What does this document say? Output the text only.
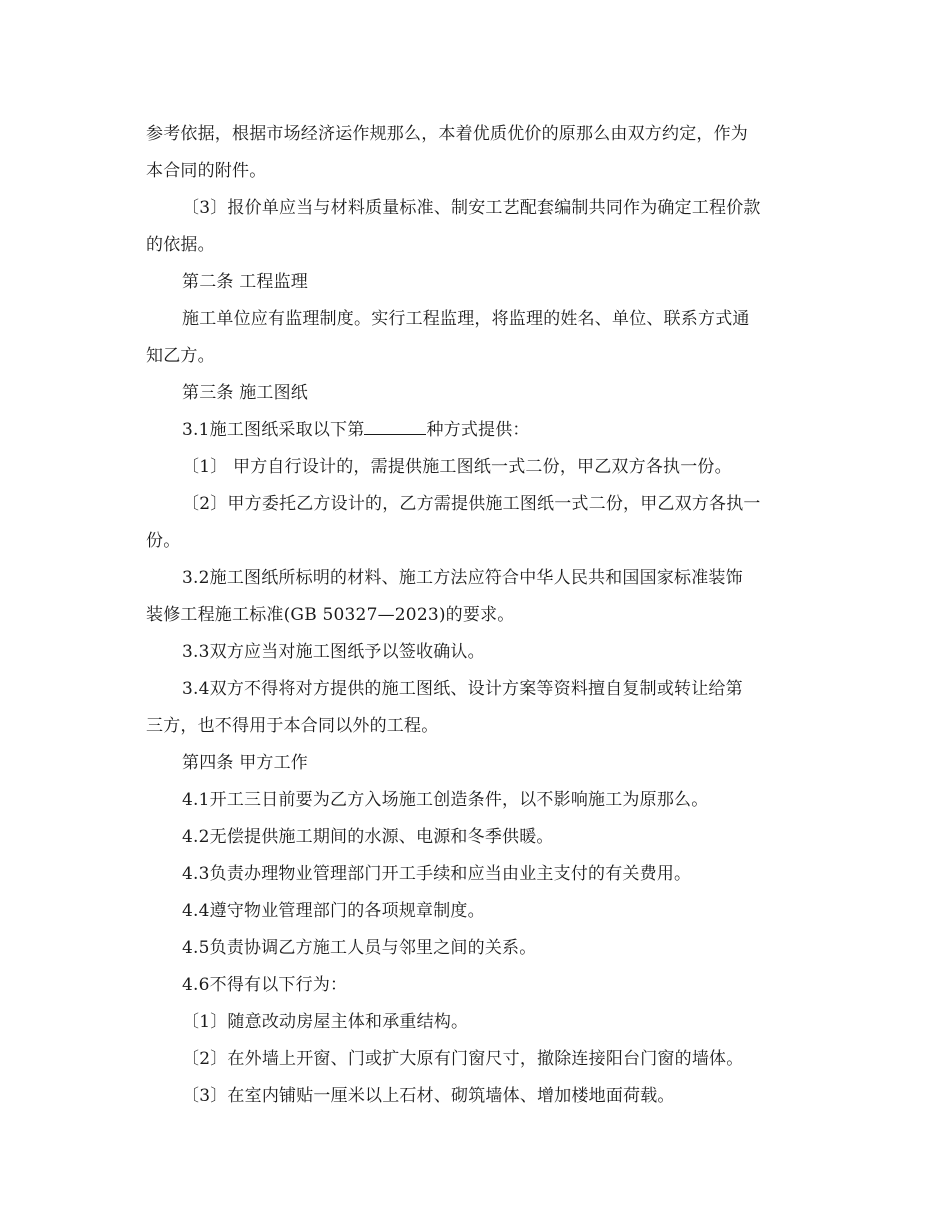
参考依据，根据市场经济运作规那么，本着优质优价的原那么由双方约定，作为
本合同的附件。
〔3〕报价单应当与材料质量标准、制安工艺配套编制共同作为确定工程价款
的依据。
第二条 工程监理
施工单位应有监理制度。实行工程监理，将监理的姓名、单位、联系方式通
知乙方。
第三条 施工图纸
3.1施工图纸采取以下第	种方式提供：
〔1〕 甲方自行设计的，需提供施工图纸一式二份，甲乙双方各执一份。
〔2〕甲方委托乙方设计的，乙方需提供施工图纸一式二份，甲乙双方各执一
份。
3.2施工图纸所标明的材料、施工方法应符合中华人民共和国国家标准装饰
装修工程施工标准(GB 50327—2023)的要求。
3.3双方应当对施工图纸予以签收确认。
3.4双方不得将对方提供的施工图纸、设计方案等资料擅自复制或转让给第
三方，也不得用于本合同以外的工程。
第四条 甲方工作
4.1开工三日前要为乙方入场施工创造条件，以不影响施工为原那么。
4.2无偿提供施工期间的水源、电源和冬季供暖。
4.3负责办理物业管理部门开工手续和应当由业主支付的有关费用。
4.4遵守物业管理部门的各项规章制度。
4.5负责协调乙方施工人员与邻里之间的关系。
4.6不得有以下行为：
〔1〕随意改动房屋主体和承重结构。
〔2〕在外墙上开窗、门或扩大原有门窗尺寸，撤除连接阳台门窗的墙体。
〔3〕在室内铺贴一厘米以上石材、砌筑墙体、增加楼地面荷载。
